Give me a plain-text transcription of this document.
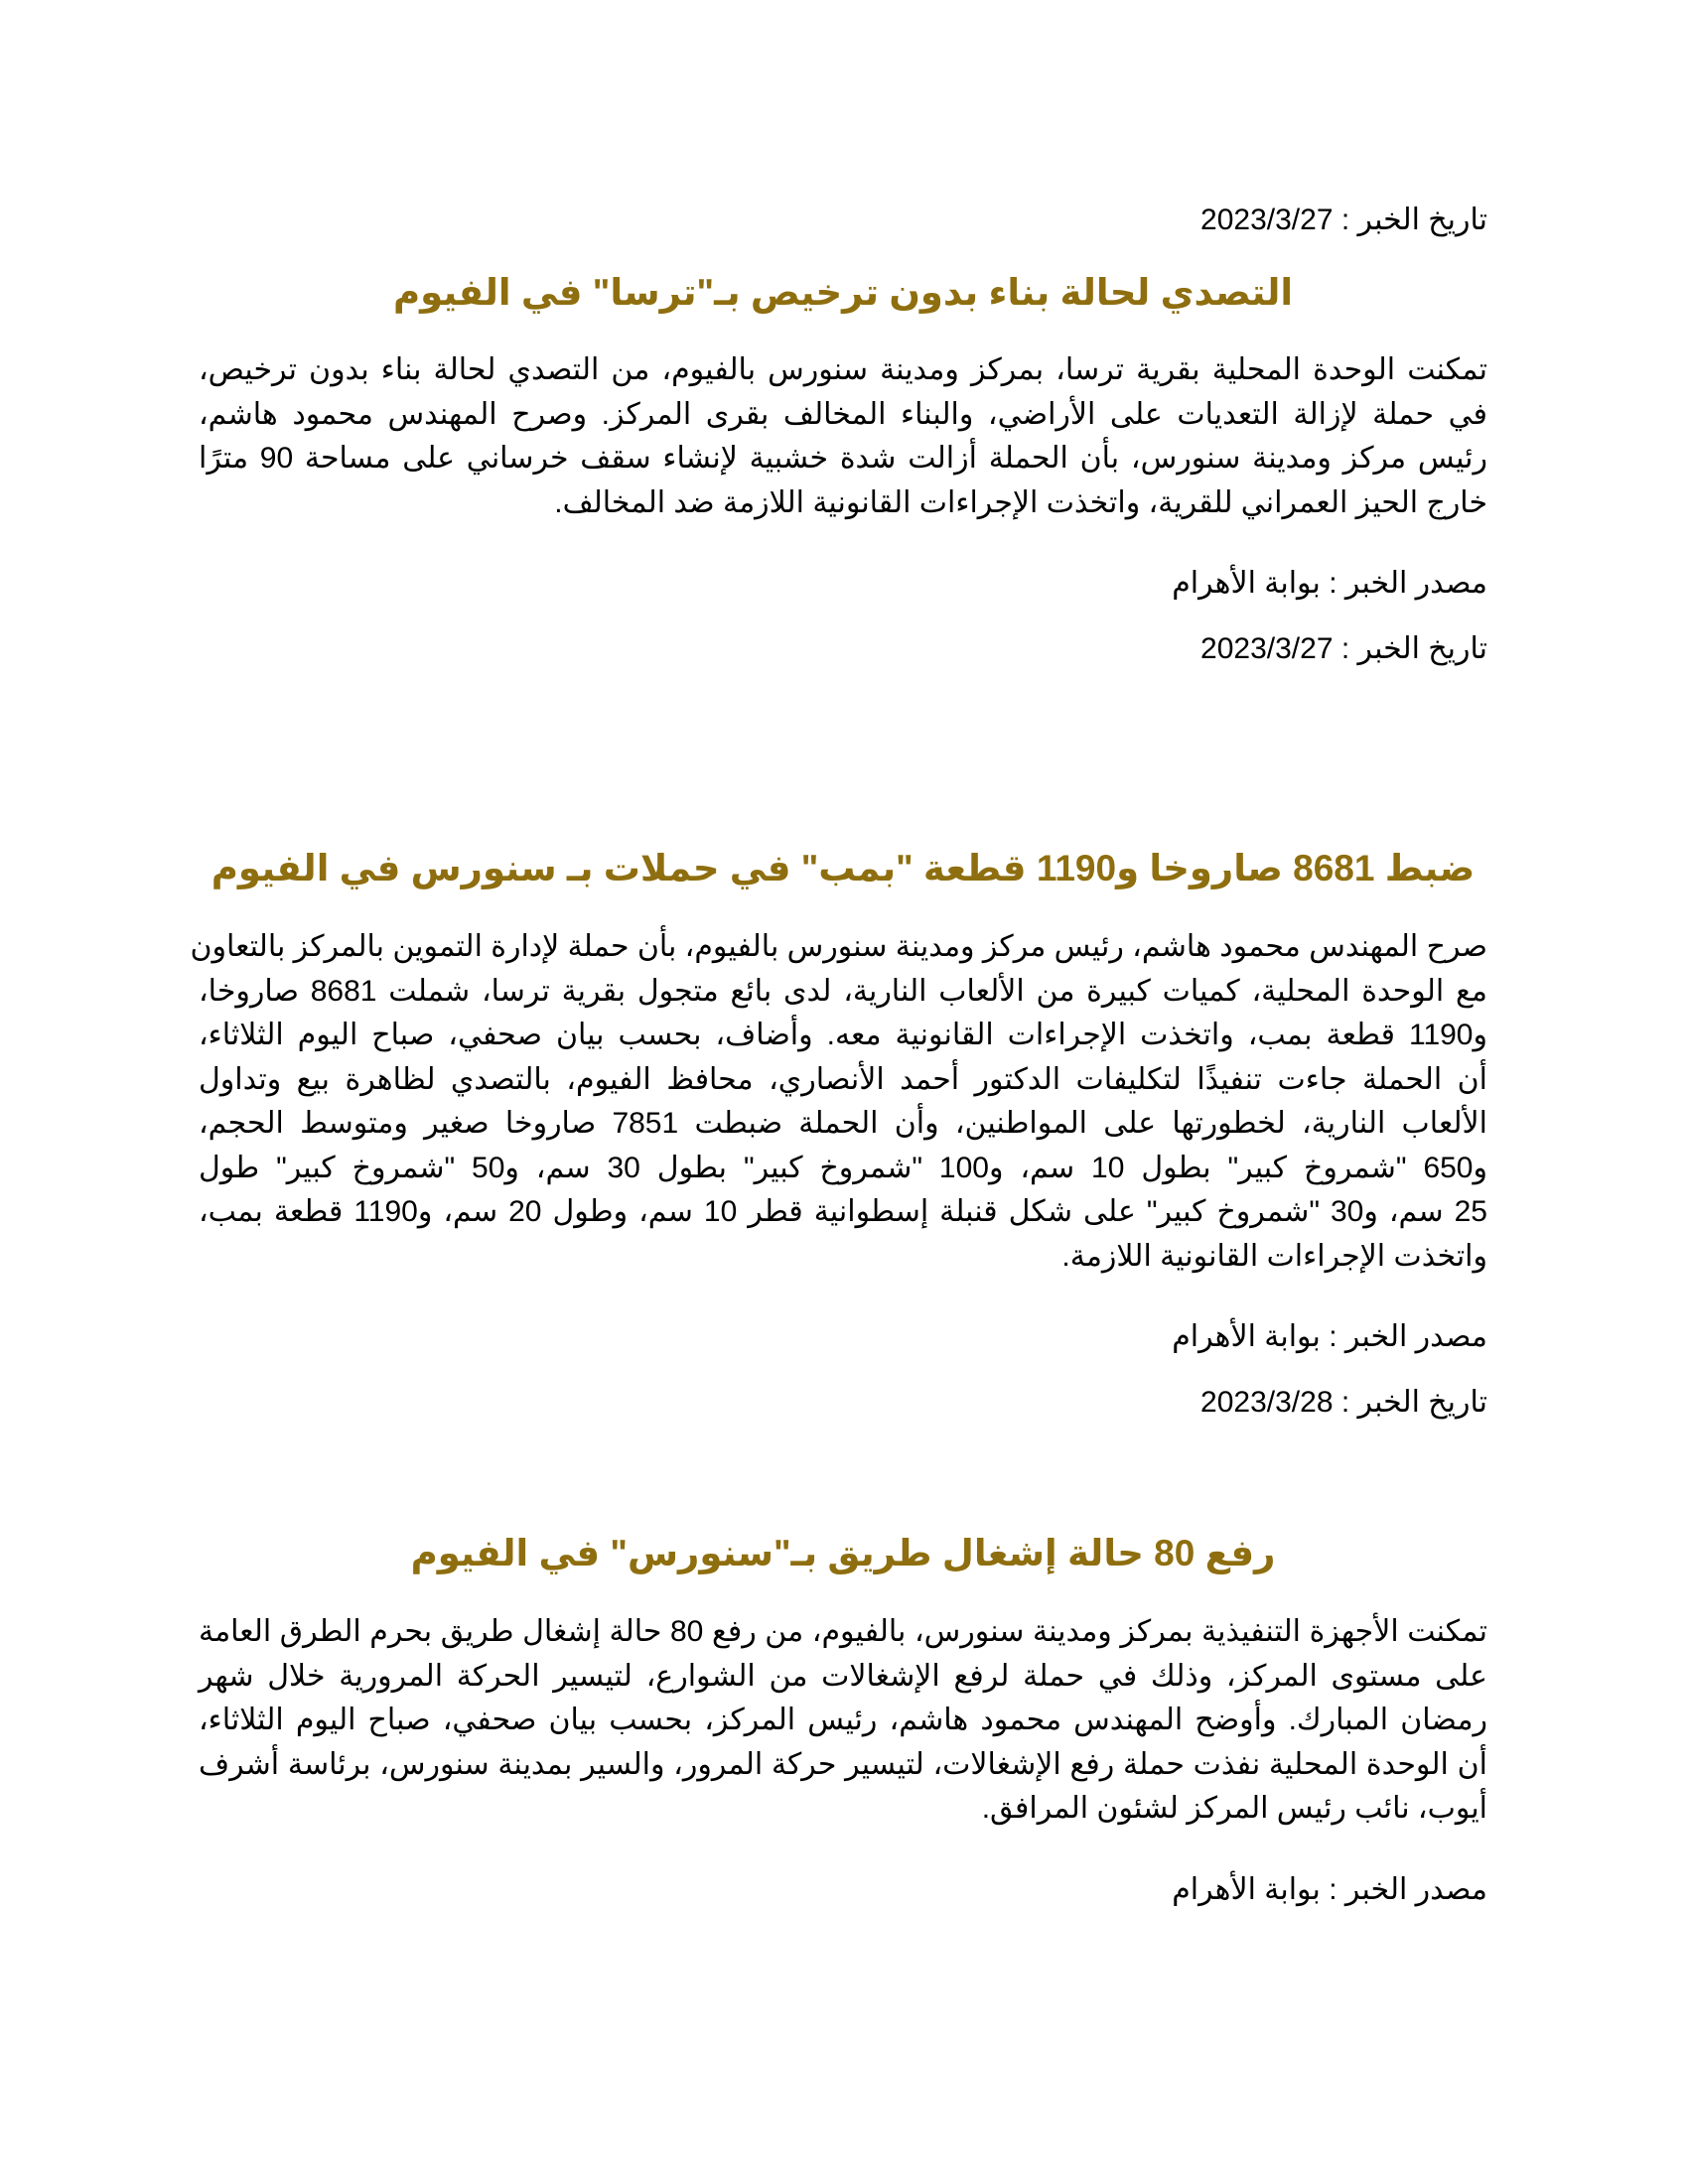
تاريخ الخبر : 2023/3/27
التصدي لحالة بناء بدون ترخيص بـ"ترسا" في الفيوم
تمكنت الوحدة المحلية بقرية ترسا، بمركز ومدينة سنورس بالفيوم، من التصدي لحالة بناء بدون ترخيص،
في حملة لإزالة التعديات على الأراضي، والبناء المخالف بقرى المركز. وصرح المهندس محمود هاشم،
رئيس مركز ومدينة سنورس، بأن الحملة أزالت شدة خشبية لإنشاء سقف خرساني على مساحة 90 مترًا
خارج الحيز العمراني للقرية، واتخذت الإجراءات القانونية اللازمة ضد المخالف.
مصدر الخبر : بوابة الأهرام
تاريخ الخبر : 2023/3/27
ضبط 8681 صاروخا و1190 قطعة "بمب" في حملات بـ سنورس في الفيوم
صرح المهندس محمود هاشم، رئيس مركز ومدينة سنورس بالفيوم، بأن حملة لإدارة التموين بالمركز بالتعاون
مع الوحدة المحلية، كميات كبيرة من الألعاب النارية، لدى بائع متجول بقرية ترسا، شملت 8681 صاروخا،
و1190 قطعة بمب، واتخذت الإجراءات القانونية معه. وأضاف، بحسب بيان صحفي، صباح اليوم الثلاثاء،
أن الحملة جاءت تنفيذًا لتكليفات الدكتور أحمد الأنصاري، محافظ الفيوم، بالتصدي لظاهرة بيع وتداول
الألعاب النارية، لخطورتها على المواطنين، وأن الحملة ضبطت 7851 صاروخا صغير ومتوسط الحجم،
و650 "شمروخ كبير" بطول 10 سم، و100 "شمروخ كبير" بطول 30 سم، و50 "شمروخ كبير" طول
25 سم، و30 "شمروخ كبير" على شكل قنبلة إسطوانية قطر 10 سم، وطول 20 سم، و1190 قطعة بمب،
واتخذت الإجراءات القانونية اللازمة.
مصدر الخبر : بوابة الأهرام
تاريخ الخبر : 2023/3/28
رفع 80 حالة إشغال طريق بـ"سنورس" في الفيوم
تمكنت الأجهزة التنفيذية بمركز ومدينة سنورس، بالفيوم، من رفع 80 حالة إشغال طريق بحرم الطرق العامة
على مستوى المركز، وذلك في حملة لرفع الإشغالات من الشوارع، لتيسير الحركة المرورية خلال شهر
رمضان المبارك. وأوضح المهندس محمود هاشم، رئيس المركز، بحسب بيان صحفي، صباح اليوم الثلاثاء،
أن الوحدة المحلية نفذت حملة رفع الإشغالات، لتيسير حركة المرور، والسير بمدينة سنورس، برئاسة أشرف
أيوب، نائب رئيس المركز لشئون المرافق.
مصدر الخبر : بوابة الأهرام
